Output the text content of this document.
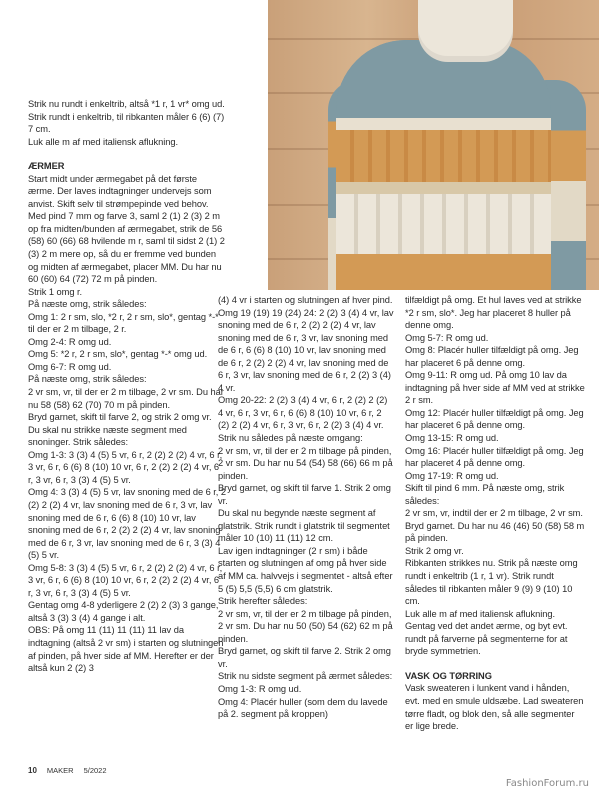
Strik nu rundt i enkeltrib, altså *1 r, 1 vr* omg ud. Strik rundt i enkeltrib, til ribkanten måler 6 (6) (7) 7 cm.

Luk alle m af med italiensk aflukning.

ÆRMER

Start midt under ærmegabet på det første ærme. Der laves indtagninger undervejs som anvist. Skift selv til strømpepinde ved behov.

Med pind 7 mm og farve 3, saml 2 (1) 2 (3) 2 m op fra midten/bunden af ærmegabet, strik de 56 (58) 60 (66) 68 hvilende m r, saml til sidst 2 (1) 2 (3) 2 m mere op, så du er fremme ved bunden og midten af ærmegabet, placer MM. Du har nu 60 (60) 64 (72) 72 m på pinden.

Strik 1 omg r.

På næste omg, strik således:

Omg 1: 2 r sm, slo, *2 r, 2 r sm, slo*, gentag *-* til der er 2 m tilbage, 2 r.

Omg 2-4: R omg ud.

Omg 5: *2 r, 2 r sm, slo*, gentag *-* omg ud.

Omg 6-7: R omg ud.

På næste omg, strik således:

2 vr sm, vr, til der er 2 m tilbage, 2 vr sm. Du har nu 58 (58) 62 (70) 70 m på pinden.

Bryd garnet, skift til farve 2, og strik 2 omg vr.

Du skal nu strikke næste segment med snoninger. Strik således:

Omg 1-3: 3 (3) 4 (5) 5 vr, 6 r, 2 (2) 2 (2) 4 vr, 6 r, 3 vr, 6 r, 6 (6) 8 (10) 10 vr, 6 r, 2 (2) 2 (2) 4 vr, 6 r, 3 vr, 6 r, 3 (3) 4 (5) 5 vr.

Omg 4: 3 (3) 4 (5) 5 vr, lav snoning med de 6 r, 2 (2) 2 (2) 4 vr, lav snoning med de 6 r, 3 vr, lav snoning med de 6 r, 6 (6) 8 (10) 10 vr, lav snoning med de 6 r, 2 (2) 2 (2) 4 vr, lav snoning med de 6 r, 3 vr, lav snoning med de 6 r, 3 (3) 4 (5) 5 vr.

Omg 5-8: 3 (3) 4 (5) 5 vr, 6 r, 2 (2) 2 (2) 4 vr, 6 r, 3 vr, 6 r, 6 (6) 8 (10) 10 vr, 6 r, 2 (2) 2 (2) 4 vr, 6 r, 3 vr, 6 r, 3 (3) 4 (5) 5 vr.

Gentag omg 4-8 yderligere 2 (2) 2 (3) 3 gange, altså 3 (3) 3 (4) 4 gange i alt.

OBS: På omg 11 (11) 11 (11) 11 lav da indtagning (altså 2 vr sm) i starten og slutningen af pinden, på hver side af MM. Herefter er der altså kun 2 (2) 3

(4) 4 vr i starten og slutningen af hver pind.

Omg 19 (19) 19 (24) 24: 2 (2) 3 (4) 4 vr, lav snoning med de 6 r, 2 (2) 2 (2) 4 vr, lav snoning med de 6 r, 3 vr, lav snoning med de 6 r, 6 (6) 8 (10) 10 vr, lav snoning med de 6 r, 2 (2) 2 (2) 4 vr, lav snoning med de 6 r, 3 vr, lav snoning med de 6 r, 2 (2) 3 (4) 4 vr.

Omg 20-22: 2 (2) 3 (4) 4 vr, 6 r, 2 (2) 2 (2) 4 vr, 6 r, 3 vr, 6 r, 6 (6) 8 (10) 10 vr, 6 r, 2 (2) 2 (2) 4 vr, 6 r, 3 vr, 6 r, 2 (2) 3 (4) 4 vr.

Strik nu således på næste omgang:

2 vr sm, vr, til der er 2 m tilbage på pinden, 2 vr sm. Du har nu 54 (54) 58 (66) 66 m på pinden.

Bryd garnet, og skift til farve 1. Strik 2 omg vr.

Du skal nu begynde næste segment af glatstrik. Strik rundt i glatstrik til segmentet måler 10 (10) 11 (11) 12 cm.

Lav igen indtagninger (2 r sm) i både starten og slutningen af omg på hver side af MM ca. halvvejs i segmentet - altså efter 5 (5) 5,5 (5,5) 6 cm glatstrik.

Strik herefter således:

2 vr sm, vr, til der er 2 m tilbage på pinden, 2 vr sm. Du har nu 50 (50) 54 (62) 62 m på pinden.

Bryd garnet, og skift til farve 2. Strik 2 omg vr.

Strik nu sidste segment på ærmet således:

Omg 1-3: R omg ud.

Omg 4: Placér huller (som dem du lavede på 2. segment på kroppen)

tilfældigt på omg. Et hul laves ved at strikke *2 r sm, slo*. Jeg har placeret 8 huller på denne omg.

Omg 5-7: R omg ud.

Omg 8: Placér huller tilfældigt på omg. Jeg har placeret 6 på denne omg.

Omg 9-11: R omg ud. På omg 10 lav da indtagning på hver side af MM ved at strikke 2 r sm.

Omg 12: Placér huller tilfældigt på omg. Jeg har placeret 6 på denne omg.

Omg 13-15: R omg ud.

Omg 16: Placér huller tilfældigt på omg. Jeg har placeret 4 på denne omg.

Omg 17-19: R omg ud.

Skift til pind 6 mm. På næste omg, strik således:

2 vr sm, vr, indtil der er 2 m tilbage, 2 vr sm. Bryd garnet. Du har nu 46 (46) 50 (58) 58 m på pinden.

Strik 2 omg vr.

Ribkanten strikkes nu. Strik på næste omg rundt i enkeltrib (1 r, 1 vr). Strik rundt således til ribkanten måler 9 (9) 9 (10) 10 cm.

Luk alle m af med italiensk aflukning.

Gentag ved det andet ærme, og byt evt. rundt på farverne på segmenterne for at bryde symmetrien.

VASK OG TØRRING

Vask sweateren i lunkent vand i hånden, evt. med en smule uldsæbe. Lad sweateren tørre fladt, og blok den, så alle segmenter er lige brede.

10 MAKER 5/2022
FashionForum.ru
